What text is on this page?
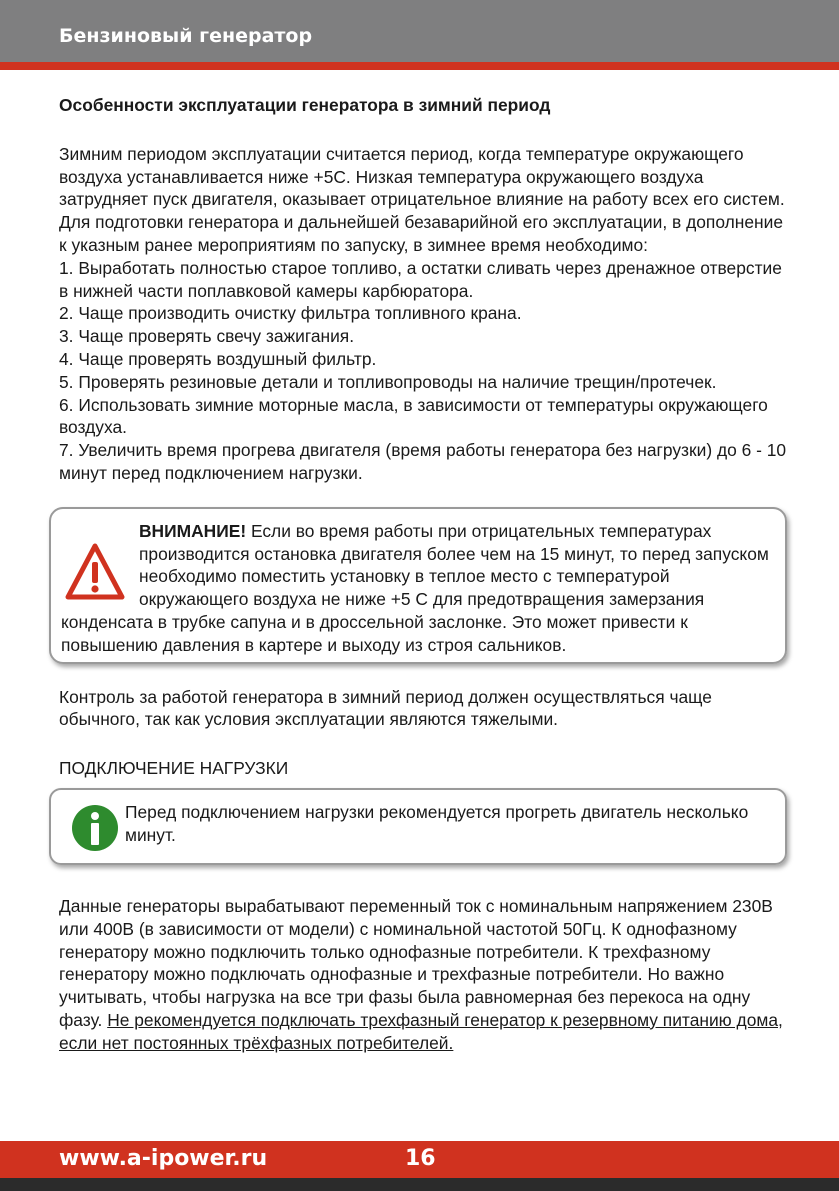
Бензиновый генератор

Особенности эксплуатации генератора в зимний период

Зимним периодом эксплуатации считается период, когда температуре окружающего воздуха устанавливается ниже +5С. Низкая температура окружающего воздуха затрудняет пуск двигателя, оказывает отрицательное влияние на работу всех его систем.

Для подготовки генератора и дальнейшей безаварийной его эксплуатации, в дополнение к указным ранее мероприятиям по запуску, в зимнее время необходимо:

1. Выработать полностью старое топливо, а остатки сливать через дренажное отверстие в нижней части поплавковой камеры карбюратора.

2. Чаще производить очистку фильтра топливного крана.

3. Чаще проверять свечу зажигания.

4. Чаще проверять воздушный фильтр.

5. Проверять резиновые детали и топливопроводы на наличие трещин/протечек.

6. Использовать зимние моторные масла, в зависимости от температуры окружающего воздуха.

7. Увеличить время прогрева двигателя (время работы генератора без нагрузки) до 6 - 10 минут перед подключением нагрузки.

ВНИМАНИЕ! Если во время работы при отрицательных температурах производится остановка двигателя более чем на 15 минут, то перед запуском необходимо поместить установку в теплое место с температурой окружающего воздуха не ниже +5 С для предотвращения замерзания конденсата в трубке сапуна и в дроссельной заслонке. Это может привести к повышению давления в картере и выходу из строя сальников.

Контроль за работой генератора в зимний период должен осуществляться чаще обычного, так как условия эксплуатации являются тяжелыми.

ПОДКЛЮЧЕНИЕ НАГРУЗКИ

Перед подключением нагрузки рекомендуется прогреть двигатель несколько минут.

Данные генераторы вырабатывают переменный ток с номинальным напряжением 230В или 400В (в зависимости от модели) с номинальной частотой 50Гц. К однофазному генератору можно подключить только однофазные потребители. К трехфазному генератору можно подключать однофазные и трехфазные потребители. Но важно учитывать, чтобы нагрузка на все три фазы была равномерная без перекоса на одну фазу. Не рекомендуется подключать трехфазный генератор к резервному питанию дома, если нет постоянных трёхфазных потребителей.

www.a-ipower.ru	16
